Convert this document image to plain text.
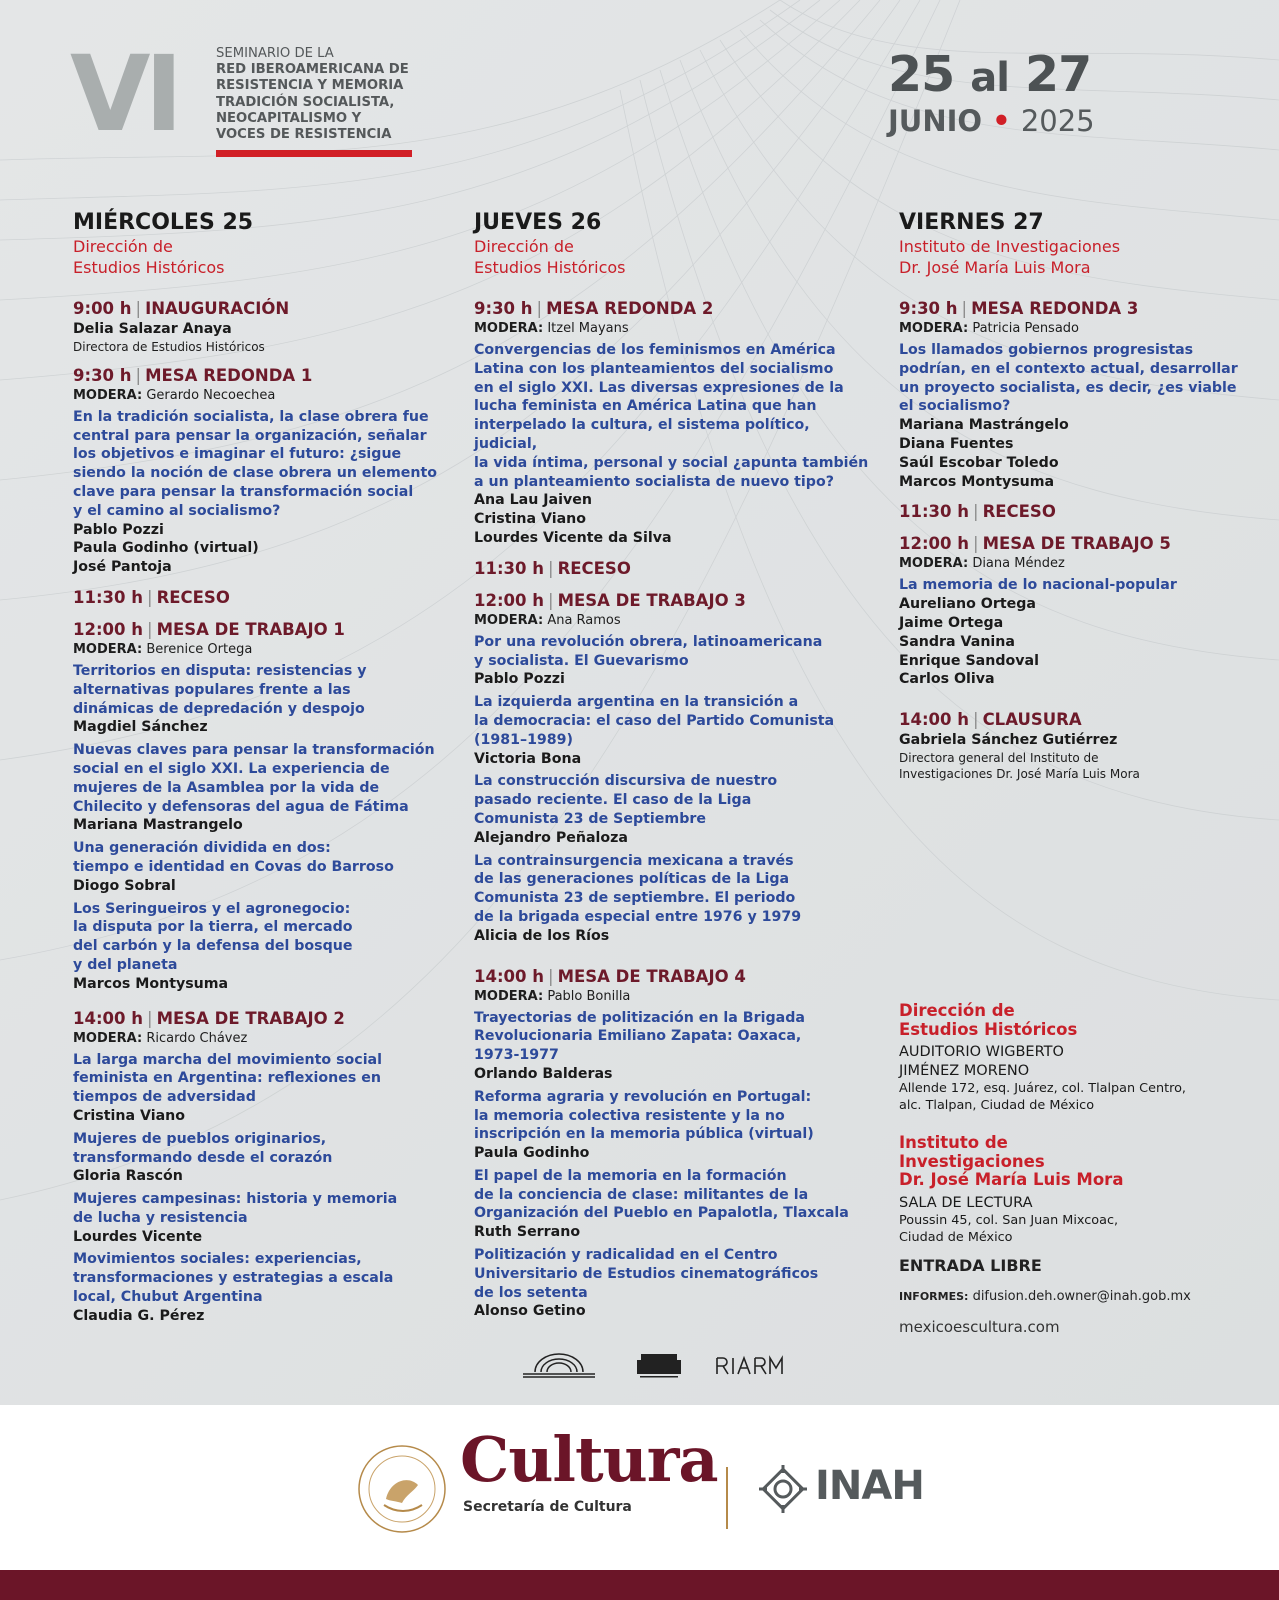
VI	SEMINARIO DE LA
RED IBEROAMERICANA DE
RESISTENCIA Y MEMORIA
TRADICIÓN SOCIALISTA,
NEOCAPITALISMO Y
VOCES DE RESISTENCIA
25 al 27
JUNIO • 2025
MIÉRCOLES 25
Dirección de
Estudios Históricos
9:00 h | INAUGURACIÓN
Delia Salazar Anaya
Directora de Estudios Históricos
9:30 h | MESA REDONDA 1
MODERA: Gerardo Necoechea
En la tradición socialista, la clase obrera fue
central para pensar la organización, señalar
los objetivos e imaginar el futuro: ¿sigue
siendo la noción de clase obrera un elemento
clave para pensar la transformación social
y el camino al socialismo?
Pablo Pozzi
Paula Godinho (virtual)
José Pantoja
11:30 h | RECESO
12:00 h | MESA DE TRABAJO 1
MODERA: Berenice Ortega
Territorios en disputa: resistencias y
alternativas populares frente a las
dinámicas de depredación y despojo
Magdiel Sánchez
Nuevas claves para pensar la transformación
social en el siglo XXI. La experiencia de
mujeres de la Asamblea por la vida de
Chilecito y defensoras del agua de Fátima
Mariana Mastrangelo
Una generación dividida en dos:
tiempo e identidad en Covas do Barroso
Diogo Sobral
Los Seringueiros y el agronegocio:
la disputa por la tierra, el mercado
del carbón y la defensa del bosque
y del planeta
Marcos Montysuma
14:00 h | MESA DE TRABAJO 2
MODERA: Ricardo Chávez
La larga marcha del movimiento social
feminista en Argentina: reflexiones en
tiempos de adversidad
Cristina Viano
Mujeres de pueblos originarios,
transformando desde el corazón
Gloria Rascón
Mujeres campesinas: historia y memoria
de lucha y resistencia
Lourdes Vicente
Movimientos sociales: experiencias,
transformaciones y estrategias a escala
local, Chubut Argentina
Claudia G. Pérez
JUEVES 26
Dirección de
Estudios Históricos
9:30 h | MESA REDONDA 2
MODERA: Itzel Mayans
Convergencias de los feminismos en América
Latina con los planteamientos del socialismo
en el siglo XXI. Las diversas expresiones de la
lucha feminista en América Latina que han
interpelado la cultura, el sistema político, judicial,
la vida íntima, personal y social ¿apunta también
a un planteamiento socialista de nuevo tipo?
Ana Lau Jaiven
Cristina Viano
Lourdes Vicente da Silva
11:30 h | RECESO
12:00 h | MESA DE TRABAJO 3
MODERA: Ana Ramos
Por una revolución obrera, latinoamericana
y socialista. El Guevarismo
Pablo Pozzi
La izquierda argentina en la transición a
la democracia: el caso del Partido Comunista
(1981–1989)
Victoria Bona
La construcción discursiva de nuestro
pasado reciente. El caso de la Liga
Comunista 23 de Septiembre
Alejandro Peñaloza
La contrainsurgencia mexicana a través
de las generaciones políticas de la Liga
Comunista 23 de septiembre. El periodo
de la brigada especial entre 1976 y 1979
Alicia de los Ríos
14:00 h | MESA DE TRABAJO 4
MODERA: Pablo Bonilla
Trayectorias de politización en la Brigada
Revolucionaria Emiliano Zapata: Oaxaca,
1973-1977
Orlando Balderas
Reforma agraria y revolución en Portugal:
la memoria colectiva resistente y la no
inscripción en la memoria pública (virtual)
Paula Godinho
El papel de la memoria en la formación
de la conciencia de clase: militantes de la
Organización del Pueblo en Papalotla, Tlaxcala
Ruth Serrano
Politización y radicalidad en el Centro
Universitario de Estudios cinematográficos
de los setenta
Alonso Getino
VIERNES 27
Instituto de Investigaciones
Dr. José María Luis Mora
9:30 h | MESA REDONDA 3
MODERA: Patricia Pensado
Los llamados gobiernos progresistas
podrían, en el contexto actual, desarrollar
un proyecto socialista, es decir, ¿es viable
el socialismo?
Mariana Mastrángelo
Diana Fuentes
Saúl Escobar Toledo
Marcos Montysuma
11:30 h | RECESO
12:00 h | MESA DE TRABAJO 5
MODERA: Diana Méndez
La memoria de lo nacional-popular
Aureliano Ortega
Jaime Ortega
Sandra Vanina
Enrique Sandoval
Carlos Oliva
14:00 h | CLAUSURA
Gabriela Sánchez Gutiérrez
Directora general del Instituto de
Investigaciones Dr. José María Luis Mora
Dirección de
Estudios Históricos
AUDITORIO WIGBERTO
JIMÉNEZ MORENO
Allende 172, esq. Juárez, col. Tlalpan Centro,
alc. Tlalpan, Ciudad de México
Instituto de
Investigaciones
Dr. José María Luis Mora
SALA DE LECTURA
Poussin 45, col. San Juan Mixcoac,
Ciudad de México
ENTRADA LIBRE
INFORMES: difusion.deh.owner@inah.gob.mx
mexicoescultura.com
Cultura
Secretaría de Cultura	INAH
